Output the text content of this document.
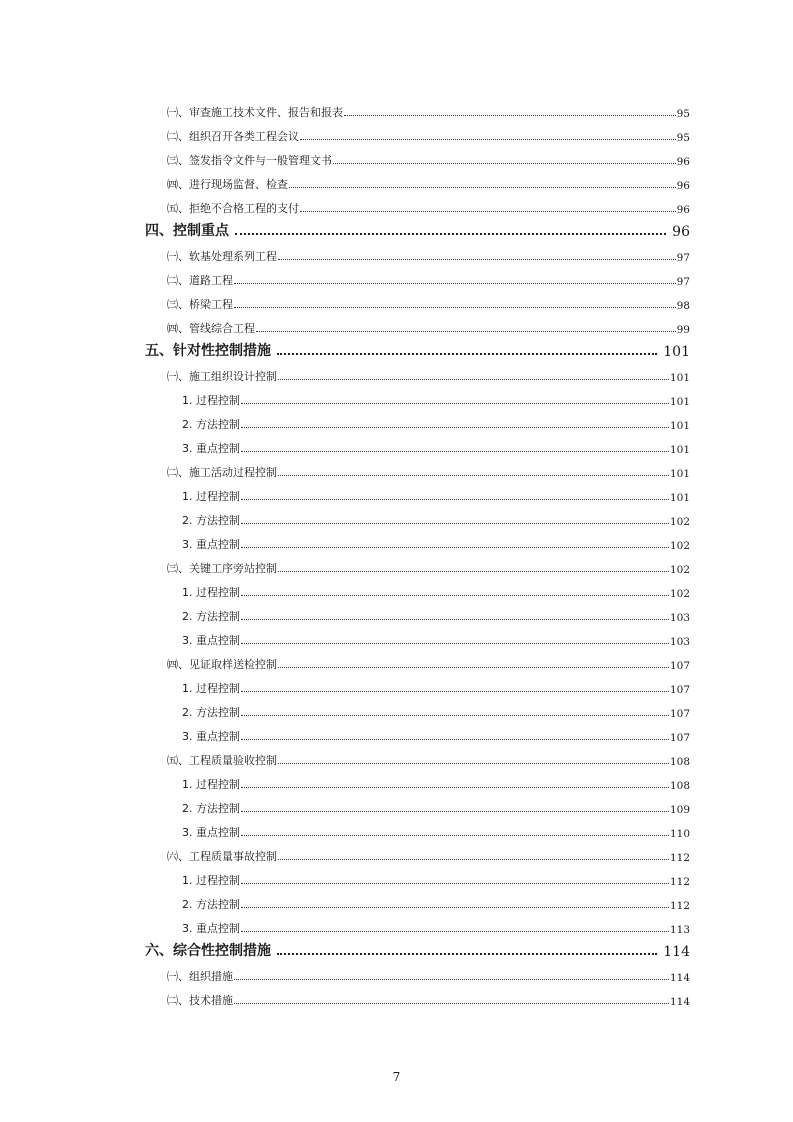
㈠、审查施工技术文件、报告和报表	95
㈡、组织召开各类工程会议	95
㈢、签发指令文件与一般管理文书	96
㈣、进行现场监督、检查	96
㈤、拒绝不合格工程的支付	96
四、控制重点	96
㈠、软基处理系列工程	97
㈡、道路工程	97
㈢、桥梁工程	98
㈣、管线综合工程	99
五、针对性控制措施	101
㈠、施工组织设计控制	101
1. 过程控制	101
2. 方法控制	101
3. 重点控制	101
㈡、施工活动过程控制	101
1. 过程控制	101
2. 方法控制	102
3. 重点控制	102
㈢、关键工序旁站控制	102
1. 过程控制	102
2. 方法控制	103
3. 重点控制	103
㈣、见证取样送检控制	107
1. 过程控制	107
2. 方法控制	107
3. 重点控制	107
㈤、工程质量验收控制	108
1. 过程控制	108
2. 方法控制	109
3. 重点控制	110
㈥、工程质量事故控制	112
1. 过程控制	112
2. 方法控制	112
3. 重点控制	113
六、综合性控制措施	114
㈠、组织措施	114
㈡、技术措施	114
7
